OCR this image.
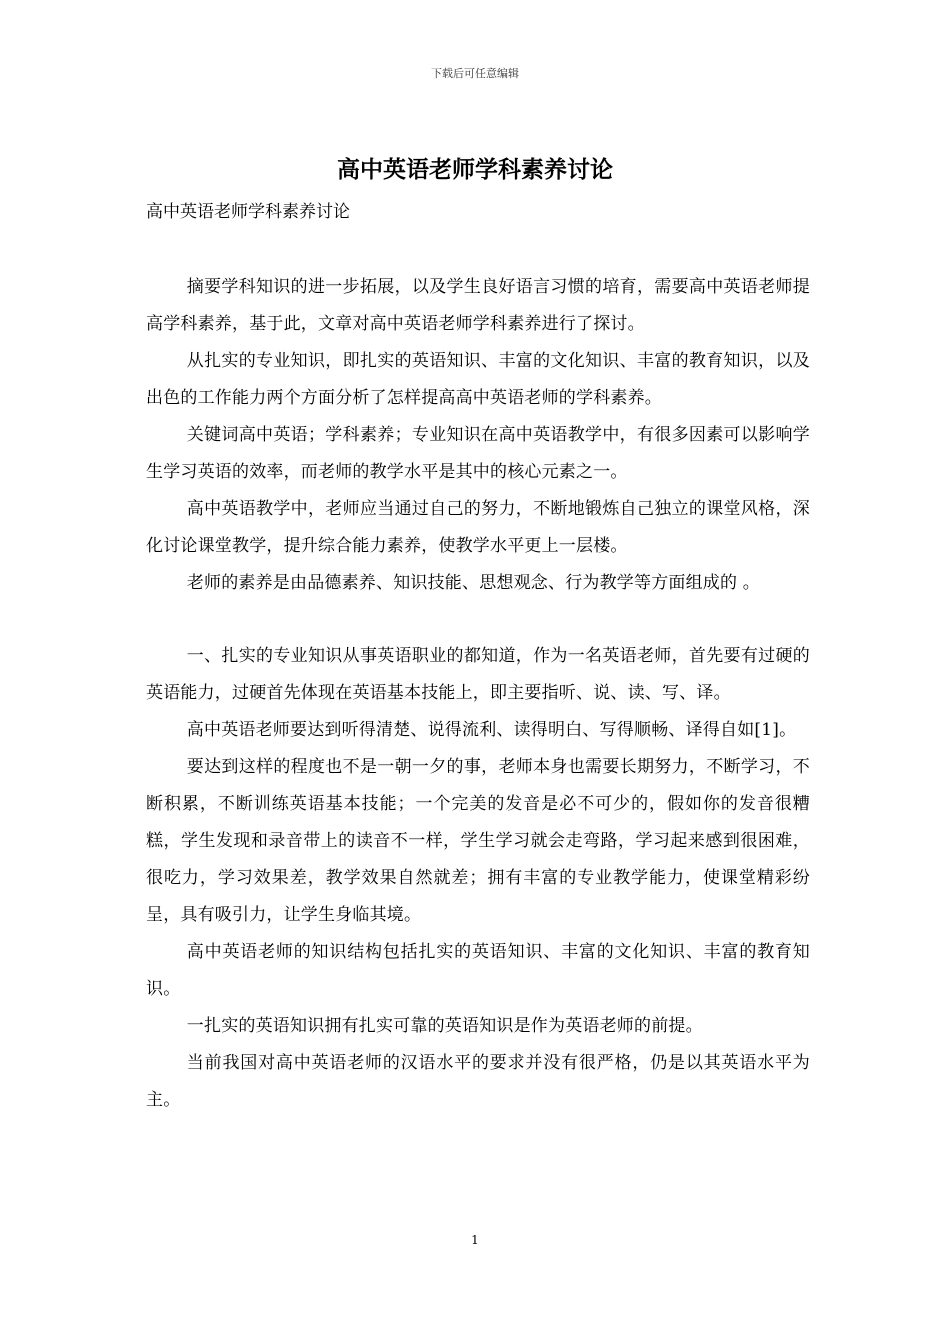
下载后可任意编辑
高中英语老师学科素养讨论

高中英语老师学科素养讨论

摘要学科知识的进一步拓展，以及学生良好语言习惯的培育，需要高中英语老师提高学科素养，基于此，文章对高中英语老师学科素养进行了探讨。

从扎实的专业知识，即扎实的英语知识、丰富的文化知识、丰富的教育知识，以及出色的工作能力两个方面分析了怎样提高高中英语老师的学科素养。

关键词高中英语；学科素养；专业知识在高中英语教学中，有很多因素可以影响学生学习英语的效率，而老师的教学水平是其中的核心元素之一。

高中英语教学中，老师应当通过自己的努力，不断地锻炼自己独立的课堂风格，深化讨论课堂教学，提升综合能力素养，使教学水平更上一层楼。

老师的素养是由品德素养、知识技能、思想观念、行为教学等方面组成的 。

一、扎实的专业知识从事英语职业的都知道，作为一名英语老师，首先要有过硬的英语能力，过硬首先体现在英语基本技能上，即主要指听、说、读、写、译。

高中英语老师要达到听得清楚、说得流利、读得明白、写得顺畅、译得自如[1]。

要达到这样的程度也不是一朝一夕的事，老师本身也需要长期努力，不断学习，不断积累，不断训练英语基本技能；一个完美的发音是必不可少的，假如你的发音很糟糕，学生发现和录音带上的读音不一样，学生学习就会走弯路，学习起来感到很困难，很吃力，学习效果差，教学效果自然就差；拥有丰富的专业教学能力，使课堂精彩纷呈，具有吸引力，让学生身临其境。

高中英语老师的知识结构包括扎实的英语知识、丰富的文化知识、丰富的教育知识。

一扎实的英语知识拥有扎实可靠的英语知识是作为英语老师的前提。

当前我国对高中英语老师的汉语水平的要求并没有很严格，仍是以其英语水平为主。

1
